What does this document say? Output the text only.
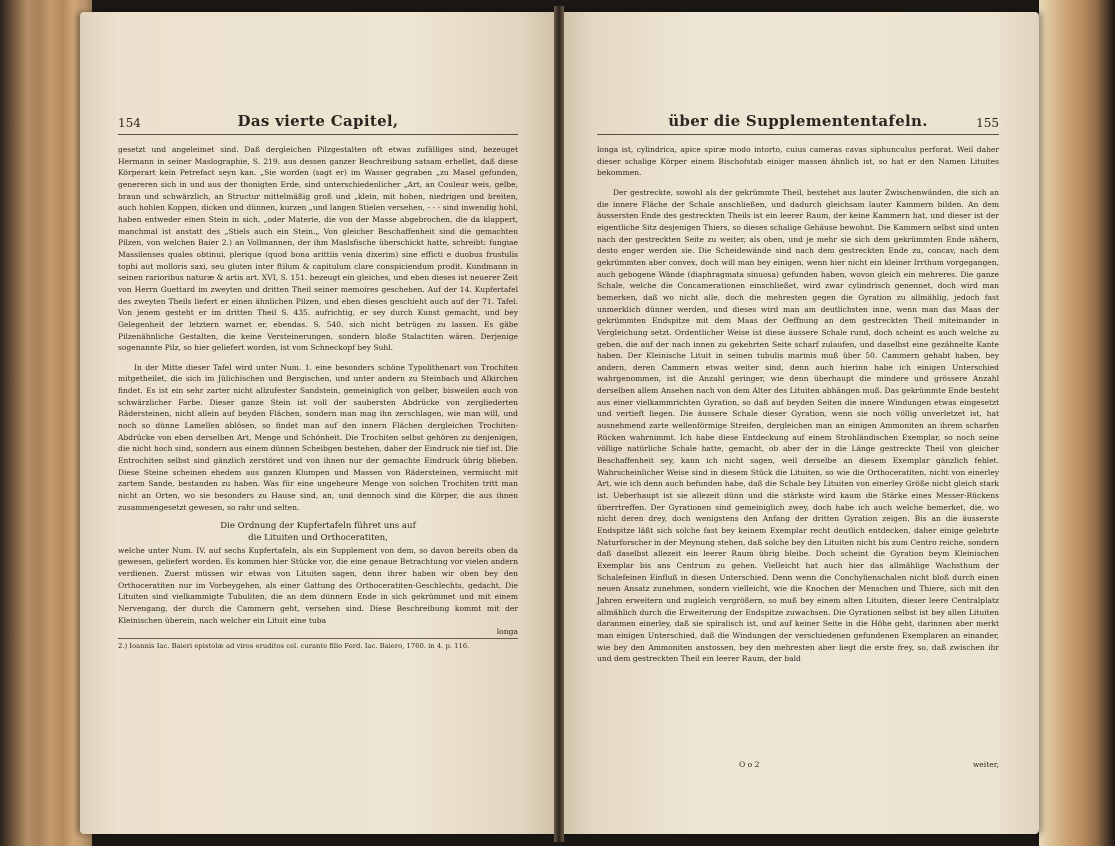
154	Das vierte Capitel,

gesetzt und angeleimet sind. Daß dergleichen Pilzgestalten oft etwas zufälliges sind, bezeuget Hermann in seiner Maslographie, S. 219. aus dessen ganzer Beschreibung satsam erhellet, daß diese Körperart kein Petrefact seyn kan. „Sie worden (sagt er) im Wasser gegraben „zu Masel gefunden, genereren sich in und aus der thonigten Erde, sind unterschiedenlicher „Art, an Couleur weis, gelbe, braun und schwärzlich, an Structur mittelmäßig groß und „klein, mit hohen, niedrigen und breiten, auch hohlen Koppen, dicken und dünnen, kurzen „und langen Stielen versehen, - - - sind inwendig hohl, haben entweder einen Stein in sich, „oder Materie, die von der Masse abgebrochen, die da klappert, manchmal ist anstatt des „Stiels auch ein Stein.„ Von gleicher Beschaffenheit sind die gemachten Pilzen, von welchen Baier 2.) an Vollmannen, der ihm Maslsfische überschickt hatte, schreibt: fungiae Massilenses quales obtinui, plerique (quod bona arittiis venia dixerim) sine efficti e duobus frustulis tophi aut molloris saxi, seu gluten inter ftilum & capitulum clare conspiciendum prodit. Kundmann in seinen rarioribus naturæ & artis art. XVI, S. 151. bezeugt ein gleiches, und eben dieses ist neuerer Zeit von Herrn Guettard im zweyten und dritten Theil seiner memoires geschehen. Auf der 14. Kupfertafel des zweyten Theils liefert er einen ähnlichen Pilzen, und eben dieses geschieht auch auf der 71. Tafel. Von jenem gesteht er im dritten Theil S. 435. aufrichtig, er sey durch Kunst gemacht, und bey Gelegenheit der letztern warnet er, ebendas. S. 540. sich nicht betrügen zu lassen. Es gäbe Pilzenähnliche Gestalten, die keine Versteinerungen, sondern bloße Stalactiten wären. Derjenige sogenannte Pilz, so hier geliefert worden, ist vom Schneckopf bey Suhl.

In der Mitte dieser Tafel wird unter Num. 1. eine besonders schöne Typolithenart von Trochiten mitgetheilet, die sich im Jülichischen und Bergischen, und unter andern zu Steinbach und Alkirchen findet. Es ist ein sehr zarter nicht allzufester Sandstein, gemeiniglich von gelber, bisweilen auch von schwärzlicher Farbe. Dieser ganze Stein ist voll der saubersten Abdrücke von zergliederten Rädersteinen, nicht allein auf beyden Flächen, sondern man mag ihn zerschlagen, wie man will, und noch so dünne Lamellen ablösen, so findet man auf den innern Flächen dergleichen Trochiten-Abdrücke von eben derselben Art, Menge und Schönheit. Die Trochiten selbst gehören zu denjenigen, die nicht hoch sind, sondern aus einem dünnen Scheibgen bestehen, daher der Eindruck nie tief ist. Die Entrochiten selbst sind gänzlich zerstöret und von ihnen nur der gemachte Eindruck übrig blieben. Diese Steine scheinen ehedem aus ganzen Klumpen und Massen von Rädersteinen, vermischt mit zartem Sande, bestanden zu haben. Was für eine ungeheure Menge von solchen Trochiten tritt man nicht an Orten, wo sie besonders zu Hause sind, an, und dennoch sind die Körper, die aus ihnen zusammengesetzt gewesen, so rahr und selten.

Die Ordnung der Kupfertafeln führet uns auf

die Lituiten und Orthoceratiten,

welche unter Num. IV. auf sechs Kupfertafeln, als ein Supplement von dem, so davon bereits oben da gewesen, geliefert worden. Es kommen hier Stücke vor, die eine genaue Betrachtung vor vielen andern verdienen. Zuerst müssen wir etwas von Lituiten sagen, denn ihrer haben wir oben bey den Orthoceratiten nur im Vorbeygehen, als einer Gattung des Orthoceratiten-Geschlechts, gedacht. Die Lituiten sind vielkammigte Tubuliten, die an dem dünnern Ende in sich gekrümmet und mit einem Nervengang, der durch die Cammern geht, versehen sind. Diese Beschreibung kommt mit der Kleinischen überein, nach welcher ein Lituit eine tuba

longa

2.) Ioannis Iac. Baieri epistolæ ad viros eruditos cel. curante filio Ferd. Iac. Baiero, 1760. in 4. p. 116.

über die Supplemententafeln.	155

longa ist, cylindrica, apice spiræ modo intorto, cuius cameras cavas siphunculus perforat. Weil daher dieser schalige Körper einem Bischofstab einiger massen ähnlich ist, so hat er den Namen Lituites bekommen.

Der gestreckte, sowohl als der gekrümmte Theil, bestehet aus lauter Zwischenwänden, die sich an die innere Fläche der Schale anschließen, und dadurch gleichsam lauter Kammern bilden. An dem äussersten Ende des gestreckten Theils ist ein leerer Raum, der keine Kammern hat, und dieser ist der eigentliche Sitz desjenigen Thiers, so dieses schalige Gehäuse bewohnt. Die Kammern selbst sind unten nach der gestreckten Seite zu weiter, als oben, und je mehr sie sich dem gekrümmten Ende nähern, desto enger werden sie. Die Scheidewände sind nach dem gestreckten Ende zu, concav, nach dem gekrümmten aber convex, doch will man bey einigen, wenn hier nicht ein kleiner Irrthum vorgegangen, auch gebogene Wände (diaphragmata sinuosa) gefunden haben, wovon gleich ein mehreres. Die ganze Schale, welche die Concamerationen einschließet, wird zwar cylindrisch genennet, doch wird man bemerken, daß wo nicht alle, doch die mehresten gegen die Gyration zu allmählig, jedoch fast unmerklich dünner werden, und dieses wird man am deutlichsten inne, wenn man das Maas der gekrümmten Endspitze mit dem Maas der Oeffnung an dem gestreckten Theil miteinander in Vergleichung setzt. Ordentlicher Weise ist diese äussere Schale rund, doch scheint es auch welche zu geben, die auf der nach innen zu gekehrten Seite scharf zulaufen, und daselbst eine gezähnelte Kante haben. Der Kleinische Lituit in seinen tubulis marinis muß über 50. Cammern gehabt haben, bey andern, deren Cammern etwas weiter sind, denn auch hierinn habe ich einigen Unterschied wahrgenommen, ist die Anzahl geringer, wie denn überhaupt die mindere und grössere Anzahl derselben allem Ansehen nach von dem Alter des Lituiten abhängen muß. Das gekrümmte Ende besteht aus einer vielkammrichten Gyration, so daß auf beyden Seiten die innere Windungen etwas eingesetzt und vertieft liegen. Die äussere Schale dieser Gyration, wenn sie noch völlig unverletzet ist, hat ausnehmend zarte wellenförmige Streifen, dergleichen man an einigen Ammoniten an ihrem scharfen Rücken wahrnimmt. Ich habe diese Entdeckung auf einem Strohländischen Exemplar, so noch seine völlige natürliche Schale hatte, gemacht, ob aber der in die Länge gestreckte Theil von gleicher Beschaffenheit sey, kann ich nicht sagen, weil derselbe an diesem Exemplar gänzlich fehlet. Wahrscheinlicher Weise sind in diesem Stück die Lituiten, so wie die Orthoceratiten, nicht von einerley Art, wie ich denn auch befunden habe, daß die Schale bey Lituiten von einerley Größe nicht gleich stark ist. Ueberhaupt ist sie allezeit dünn und die stärkste wird kaum die Stärke eines Messer-Rückens überrtreffen. Der Gyrationen sind gemeiniglich zwey, doch habe ich auch welche bemerket, die, wo nicht deren drey, doch wenigstens den Anfang der dritten Gyration zeigen. Bis an die äusserste Endspitze läßt sich solche fast bey keinem Exemplar recht deutlich entdecken, daher einige gelehrte Naturforscher in der Meynung stehen, daß solche bey den Lituiten nicht bis zum Centro reiche, sondern daß daselbst allezeit ein leerer Raum übrig bleibe. Doch scheint die Gyration beym Kleinischen Exemplar bis ans Centrum zu gehen. Vielleicht hat auch hier das allmählige Wachsthum der Schalefeinen Einfluß in diesen Unterschied. Denn wenn die Conchylienschalen nicht bloß durch einen neuen Ansatz zunehmen, sondern vielleicht, wie die Knochen der Menschen und Thiere, sich mit den Jahren erweitern und zugleich vergrößern, so muß bey einem alten Lituiten, dieser leere Centralplatz allmählich durch die Erweiterung der Endspitze zuwachsen. Die Gyrationen selbst ist bey allen Lituiten daranmen einerley, daß sie spiralisch ist, und auf keiner Seite in die Höhe geht, darinnen aber merkt man einigen Unterschied, daß die Windungen der verschiedenen gefundenen Exemplaren an einander, wie bey den Ammoniten anstossen, bey den mehresten aber liegt die erste frey, so, daß zwischen ihr und dem gestreckten Theil ein leerer Raum, der bald

O o 2	weiter,
